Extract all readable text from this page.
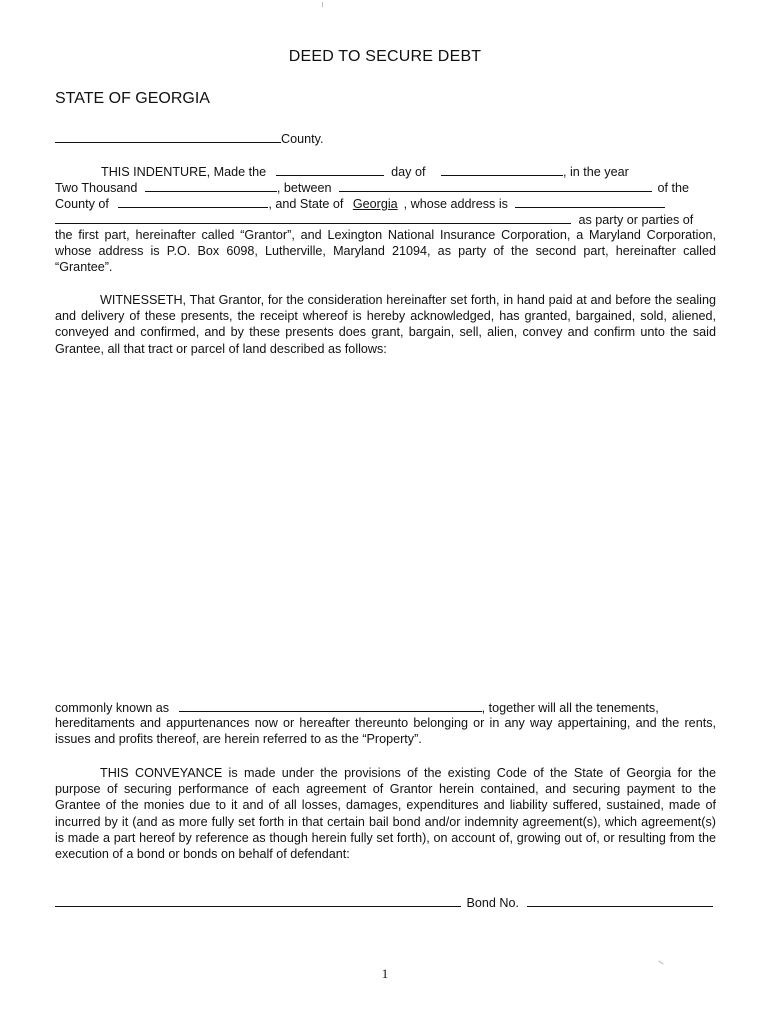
DEED TO SECURE DEBT
STATE OF GEORGIA
County.
THIS INDENTURE, Made the	day of	, in the year
Two Thousand	, between	of the
County of	, and State of Georgia , whose address is
as party or parties of
the first part, hereinafter called “Grantor”, and Lexington National Insurance Corporation, a Maryland Corporation, whose address is P.O. Box 6098, Lutherville, Maryland 21094, as party of the second part, hereinafter called “Grantee”.
WITNESSETH, That Grantor, for the consideration hereinafter set forth, in hand paid at and before the sealing and delivery of these presents, the receipt whereof is hereby acknowledged, has granted, bargained, sold, aliened, conveyed and confirmed, and by these presents does grant, bargain, sell, alien, convey and confirm unto the said Grantee, all that tract or parcel of land described as follows:
commonly known as	, together will all the tenements,
hereditaments and appurtenances now or hereafter thereunto belonging or in any way appertaining, and the rents, issues and profits thereof, are herein referred to as the “Property”.
THIS CONVEYANCE is made under the provisions of the existing Code of the State of Georgia for the purpose of securing performance of each agreement of Grantor herein contained, and securing payment to the Grantee of the monies due to it and of all losses, damages, expenditures and liability suffered, sustained, made of incurred by it (and as more fully set forth in that certain bail bond and/or indemnity agreement(s), which agreement(s) is made a part hereof by reference as though herein fully set forth), on account of, growing out of, or resulting from the execution of a bond or bonds on behalf of defendant:
Bond No.
1
